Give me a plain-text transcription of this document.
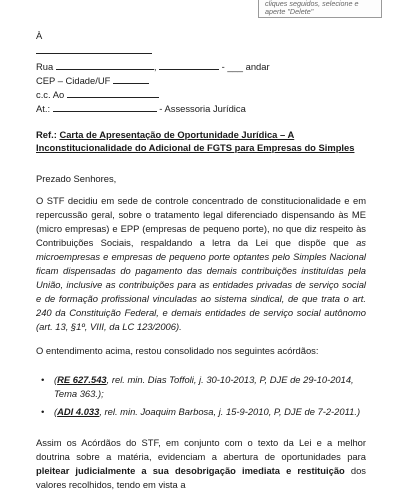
cliques seguidos, selecione e aperte "Delete"
À
Rua	,	- ___ andar
CEP – Cidade/UF
c.c. Ao
At.:	- Assessoria Jurídica
Ref.: Carta de Apresentação de Oportunidade Jurídica – A Inconstitucionalidade do Adicional de FGTS para Empresas do Simples
Prezado Senhores,
O STF decidiu em sede de controle concentrado de constitucionalidade e em repercussão geral, sobre o tratamento legal diferenciado dispensando às ME (micro empresas) e EPP (empresas de pequeno porte), no que diz respeito às Contribuições Sociais, respaldando a letra da Lei que dispõe que as microempresas e empresas de pequeno porte optantes pelo Simples Nacional ficam dispensadas do pagamento das demais contribuições instituídas pela União, inclusive as contribuições para as entidades privadas de serviço social e de formação profissional vinculadas ao sistema sindical, de que trata o art. 240 da Constituição Federal, e demais entidades de serviço social autônomo (art. 13, §1º, VIII, da LC 123/2006).
O entendimento acima, restou consolidado nos seguintes acórdãos:
• (RE 627.543, rel. min. Dias Toffoli, j. 30-10-2013, P, DJE de 29-10-2014, Tema 363.);
• (ADI 4.033, rel. min. Joaquim Barbosa, j. 15-9-2010, P, DJE de 7-2-2011.)
Assim os Acórdãos do STF, em conjunto com o texto da Lei e a melhor doutrina sobre a matéria, evidenciam a abertura de oportunidades para pleitear judicialmente a sua desobrigação imediata e restituição dos valores recolhidos, tendo em vista a
